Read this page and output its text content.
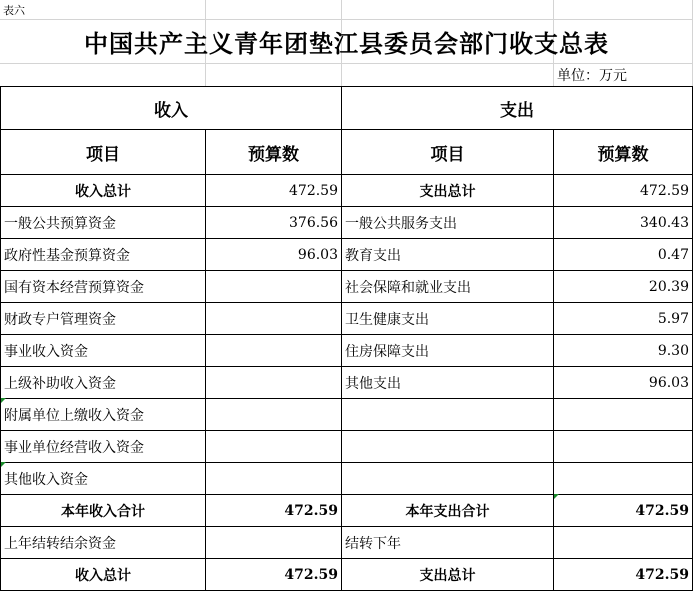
表六
中国共产主义青年团垫江县委员会部门收支总表
单位：万元
收入		支出	
项目	预算数	项目	预算数
收入总计	472.59	支出总计	472.59
一般公共预算资金	376.56	一般公共服务支出	340.43
政府性基金预算资金	96.03	教育支出	0.47
国有资本经营预算资金		社会保障和就业支出	20.39
财政专户管理资金		卫生健康支出	5.97
事业收入资金		住房保障支出	9.30
上级补助收入资金		其他支出	96.03
附属单位上缴收入资金			
事业单位经营收入资金			
其他收入资金			
本年收入合计	472.59	本年支出合计	472.59
上年结转结余资金		结转下年	
收入总计	472.59	支出总计	472.59
